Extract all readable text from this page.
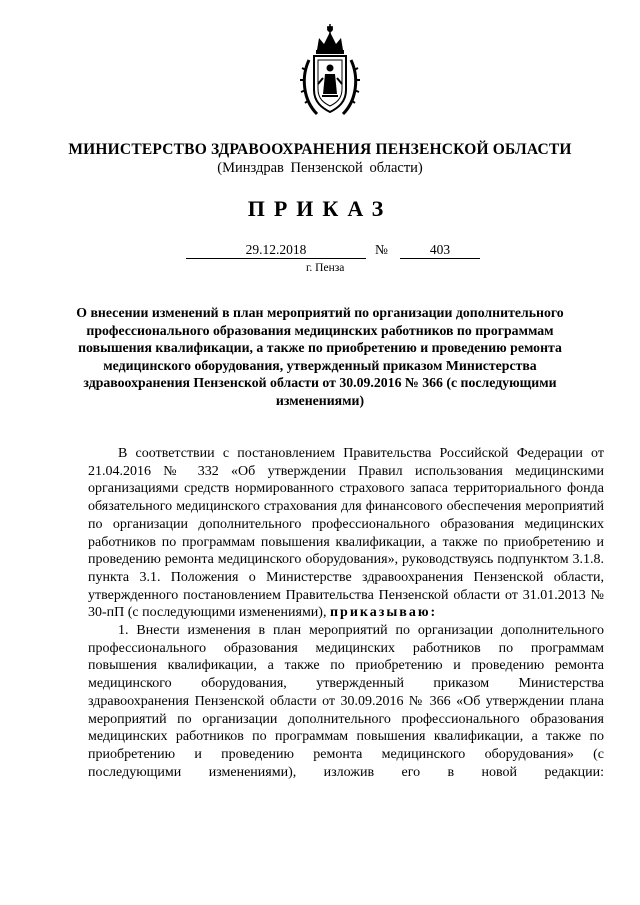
МИНИСТЕРСТВО ЗДРАВООХРАНЕНИЯ ПЕНЗЕНСКОЙ ОБЛАСТИ
(Минздрав Пензенской области)
ПРИКАЗ
29.12.2018	№	403
г. Пенза
О внесении изменений в план мероприятий по организации дополнительного профессионального образования медицинских работников по программам повышения квалификации, а также по приобретению и проведению ремонта медицинского оборудования, утвержденный приказом Министерства здравоохранения Пензенской области от 30.09.2016 № 366 (с последующими изменениями)

В соответствии с постановлением Правительства Российской Федерации от 21.04.2016 № 332 «Об утверждении Правил использования медицинскими организациями средств нормированного страхового запаса территориального фонда обязательного медицинского страхования для финансового обеспечения мероприятий по организации дополнительного профессионального образования медицинских работников по программам повышения квалификации, а также по приобретению и проведению ремонта медицинского оборудования», руководствуясь подпунктом 3.1.8. пункта 3.1. Положения о Министерстве здравоохранения Пензенской области, утвержденного постановлением Правительства Пензенской области от 31.01.2013 № 30-пП (с последующими изменениями), приказываю:

1. Внести изменения в план мероприятий по организации дополнительного профессионального образования медицинских работников по программам повышения квалификации, а также по приобретению и проведению ремонта медицинского оборудования, утвержденный приказом Министерства здравоохранения Пензенской области от 30.09.2016 № 366 «Об утверждении плана мероприятий по организации дополнительного профессионального образования медицинских работников по программам повышения квалификации, а также по приобретению и проведению ремонта медицинского оборудования» (с последующими изменениями), изложив его в новой редакции:
